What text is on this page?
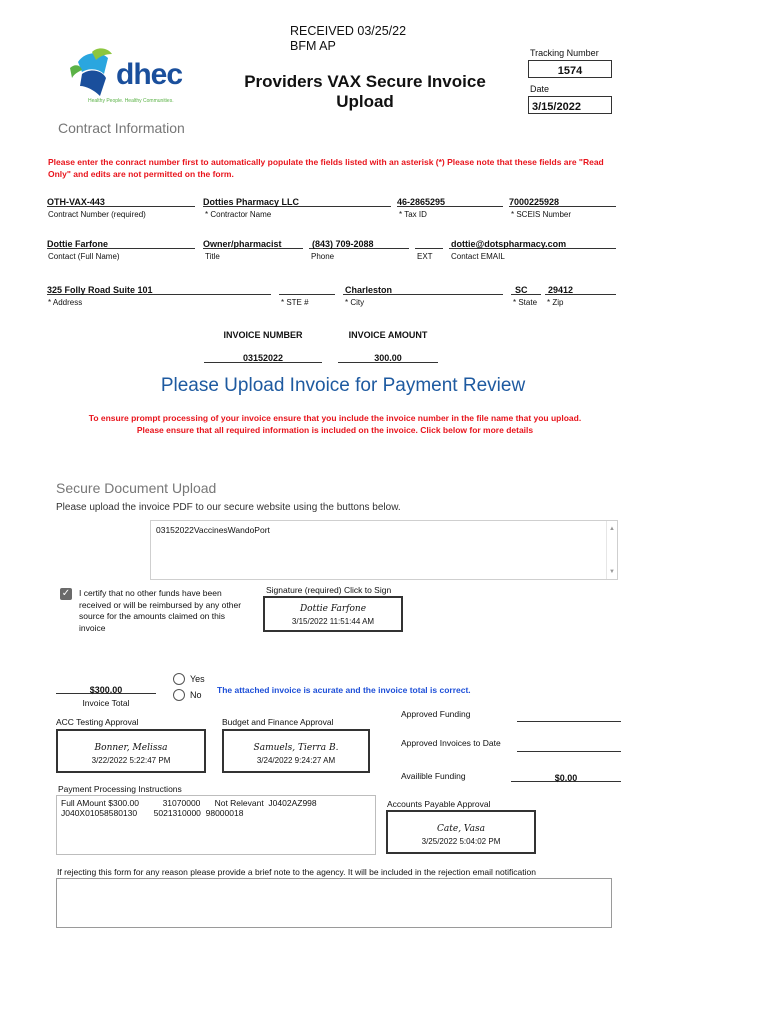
RECEIVED 03/25/22
BFM AP
dhec
Healthy People. Healthy Communities.
Providers VAX Secure Invoice
Upload
Tracking Number
1574
Date
3/15/2022
Contract Information
Please enter the conract number first to automatically populate the fields listed with an asterisk (*) Please note that these fields are "Read Only" and edits are not permitted on the form.
OTH-VAX-443
Contract Number (required)
Dotties Pharmacy LLC
* Contractor Name
46-2865295
* Tax ID
7000225928
* SCEIS Number
Dottie Farfone
Contact (Full Name)
Owner/pharmacist
Title
(843) 709-2088
Phone	EXT
dottie@dotspharmacy.com
Contact EMAIL
325 Folly Road Suite 101
* Address	* STE #
Charleston
* City
SC
* State
29412
* Zip
INVOICE NUMBER
03152022
INVOICE AMOUNT
300.00
Please Upload Invoice for Payment Review
To ensure prompt processing of your invoice ensure that you include the invoice number in the file name that you upload.
Please ensure that all required information is included on the invoice. Click below for more details
Secure Document Upload
Please upload the invoice PDF to our secure website using the buttons below.
03152022VaccinesWandoPort	▲
▼
✓ I certify that no other funds have been received or will be reimbursed by any other source for the amounts claimed on this invoice
Signature (required) Click to Sign
Dottie Farfone
3/15/2022 11:51:44 AM
$300.00
Invoice Total
Yes
No The attached invoice is acurate and the invoice total is correct.
ACC Testing Approval
Bonner, Melissa
3/22/2022 5:22:47 PM
Budget and Finance Approval
Samuels, Tierra B.
3/24/2022 9:24:27 AM
Approved Funding
Approved Invoices to Date
Availible Funding	$0.00
Payment Processing Instructions
Full AMount $300.00          31070000      Not Relevant  J0402AZ998
J040X01058580130       5021310000  98000018
Accounts Payable Approval
Cate, Vasa
3/25/2022 5:04:02 PM
If rejecting this form for any reason please provide a brief note to the agency. It will be included in the rejection email notification
